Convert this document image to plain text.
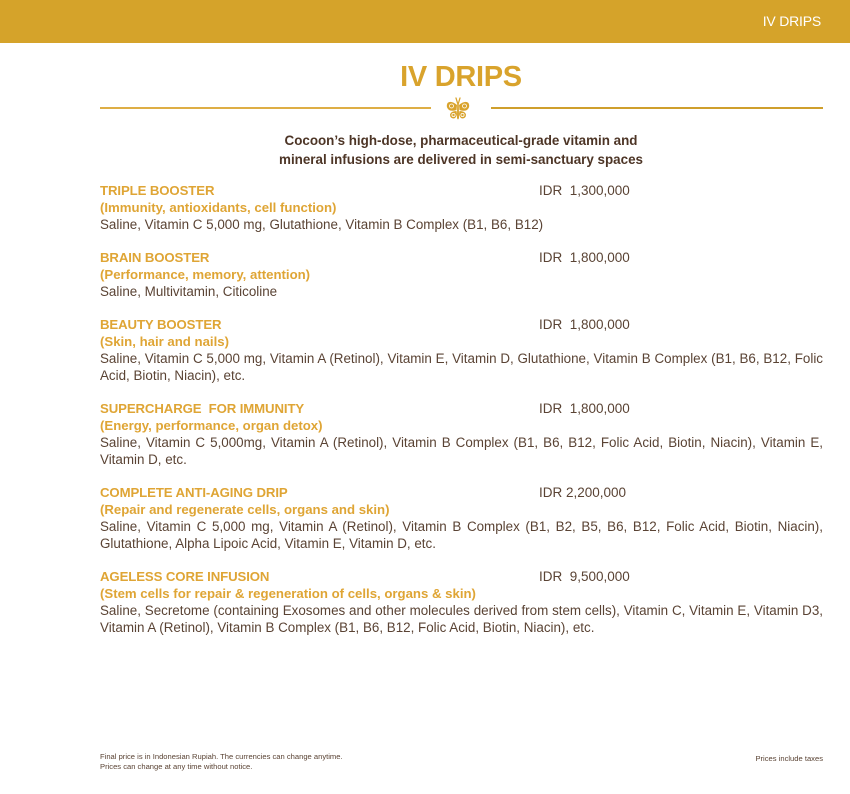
IV DRIPS
IV DRIPS
Cocoon’s high-dose, pharmaceutical-grade vitamin and
mineral infusions are delivered in semi-sanctuary spaces
TRIPLE BOOSTER	IDR  1,300,000
(Immunity, antioxidants, cell function)
Saline, Vitamin C 5,000 mg, Glutathione, Vitamin B Complex (B1, B6, B12)
BRAIN BOOSTER	IDR  1,800,000
(Performance, memory, attention)
Saline, Multivitamin, Citicoline
BEAUTY BOOSTER	IDR  1,800,000
(Skin, hair and nails)
Saline, Vitamin C 5,000 mg, Vitamin A (Retinol), Vitamin E, Vitamin D, Glutathione, Vitamin B Complex (B1, B6, B12, Folic Acid, Biotin, Niacin), etc.
SUPERCHARGE  FOR IMMUNITY	IDR  1,800,000
(Energy, performance, organ detox)
Saline, Vitamin C 5,000mg, Vitamin A (Retinol), Vitamin B Complex (B1, B6, B12, Folic Acid, Biotin, Niacin), Vitamin E, Vitamin D, etc.
COMPLETE ANTI-AGING DRIP	IDR 2,200,000
(Repair and regenerate cells, organs and skin)
Saline, Vitamin C 5,000 mg, Vitamin A (Retinol), Vitamin B Complex (B1, B2, B5, B6, B12, Folic Acid, Biotin, Niacin), Glutathione, Alpha Lipoic Acid, Vitamin E, Vitamin D, etc.
AGELESS CORE INFUSION	IDR  9,500,000
(Stem cells for repair & regeneration of cells, organs & skin)
Saline, Secretome (containing Exosomes and other molecules derived from stem cells), Vitamin C, Vitamin E, Vitamin D3, Vitamin A (Retinol), Vitamin B Complex (B1, B6, B12, Folic Acid, Biotin, Niacin), etc.
Final price is in Indonesian Rupiah. The currencies can change anytime.
Prices can change at any time without notice.
Prices include taxes
